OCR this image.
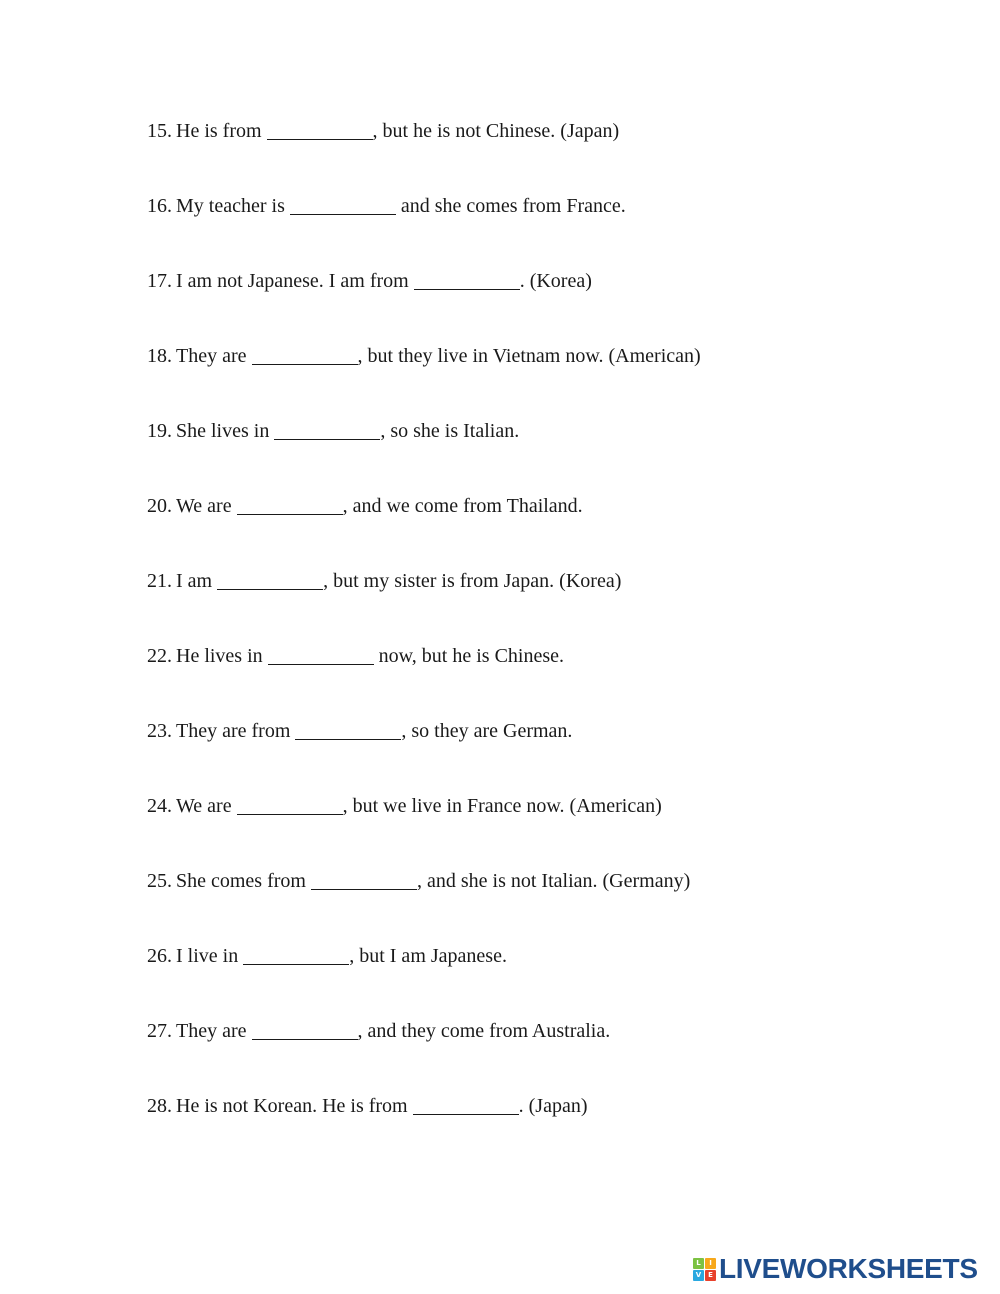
15. He is from	, but he is not Chinese. (Japan)
16. My teacher is	and she comes from France.
17. I am not Japanese. I am from	. (Korea)
18. They are	, but they live in Vietnam now. (American)
19. She lives in	, so she is Italian.
20. We are	, and we come from Thailand.
21. I am	, but my sister is from Japan. (Korea)
22. He lives in	now, but he is Chinese.
23. They are from	, so they are German.
24. We are	, but we live in France now. (American)
25. She comes from	, and she is not Italian. (Germany)
26. I live in	, but I am Japanese.
27. They are	, and they come from Australia.
28. He is not Korean. He is from	. (Japan)
L	I
V E LIVEWORKSHEETS
